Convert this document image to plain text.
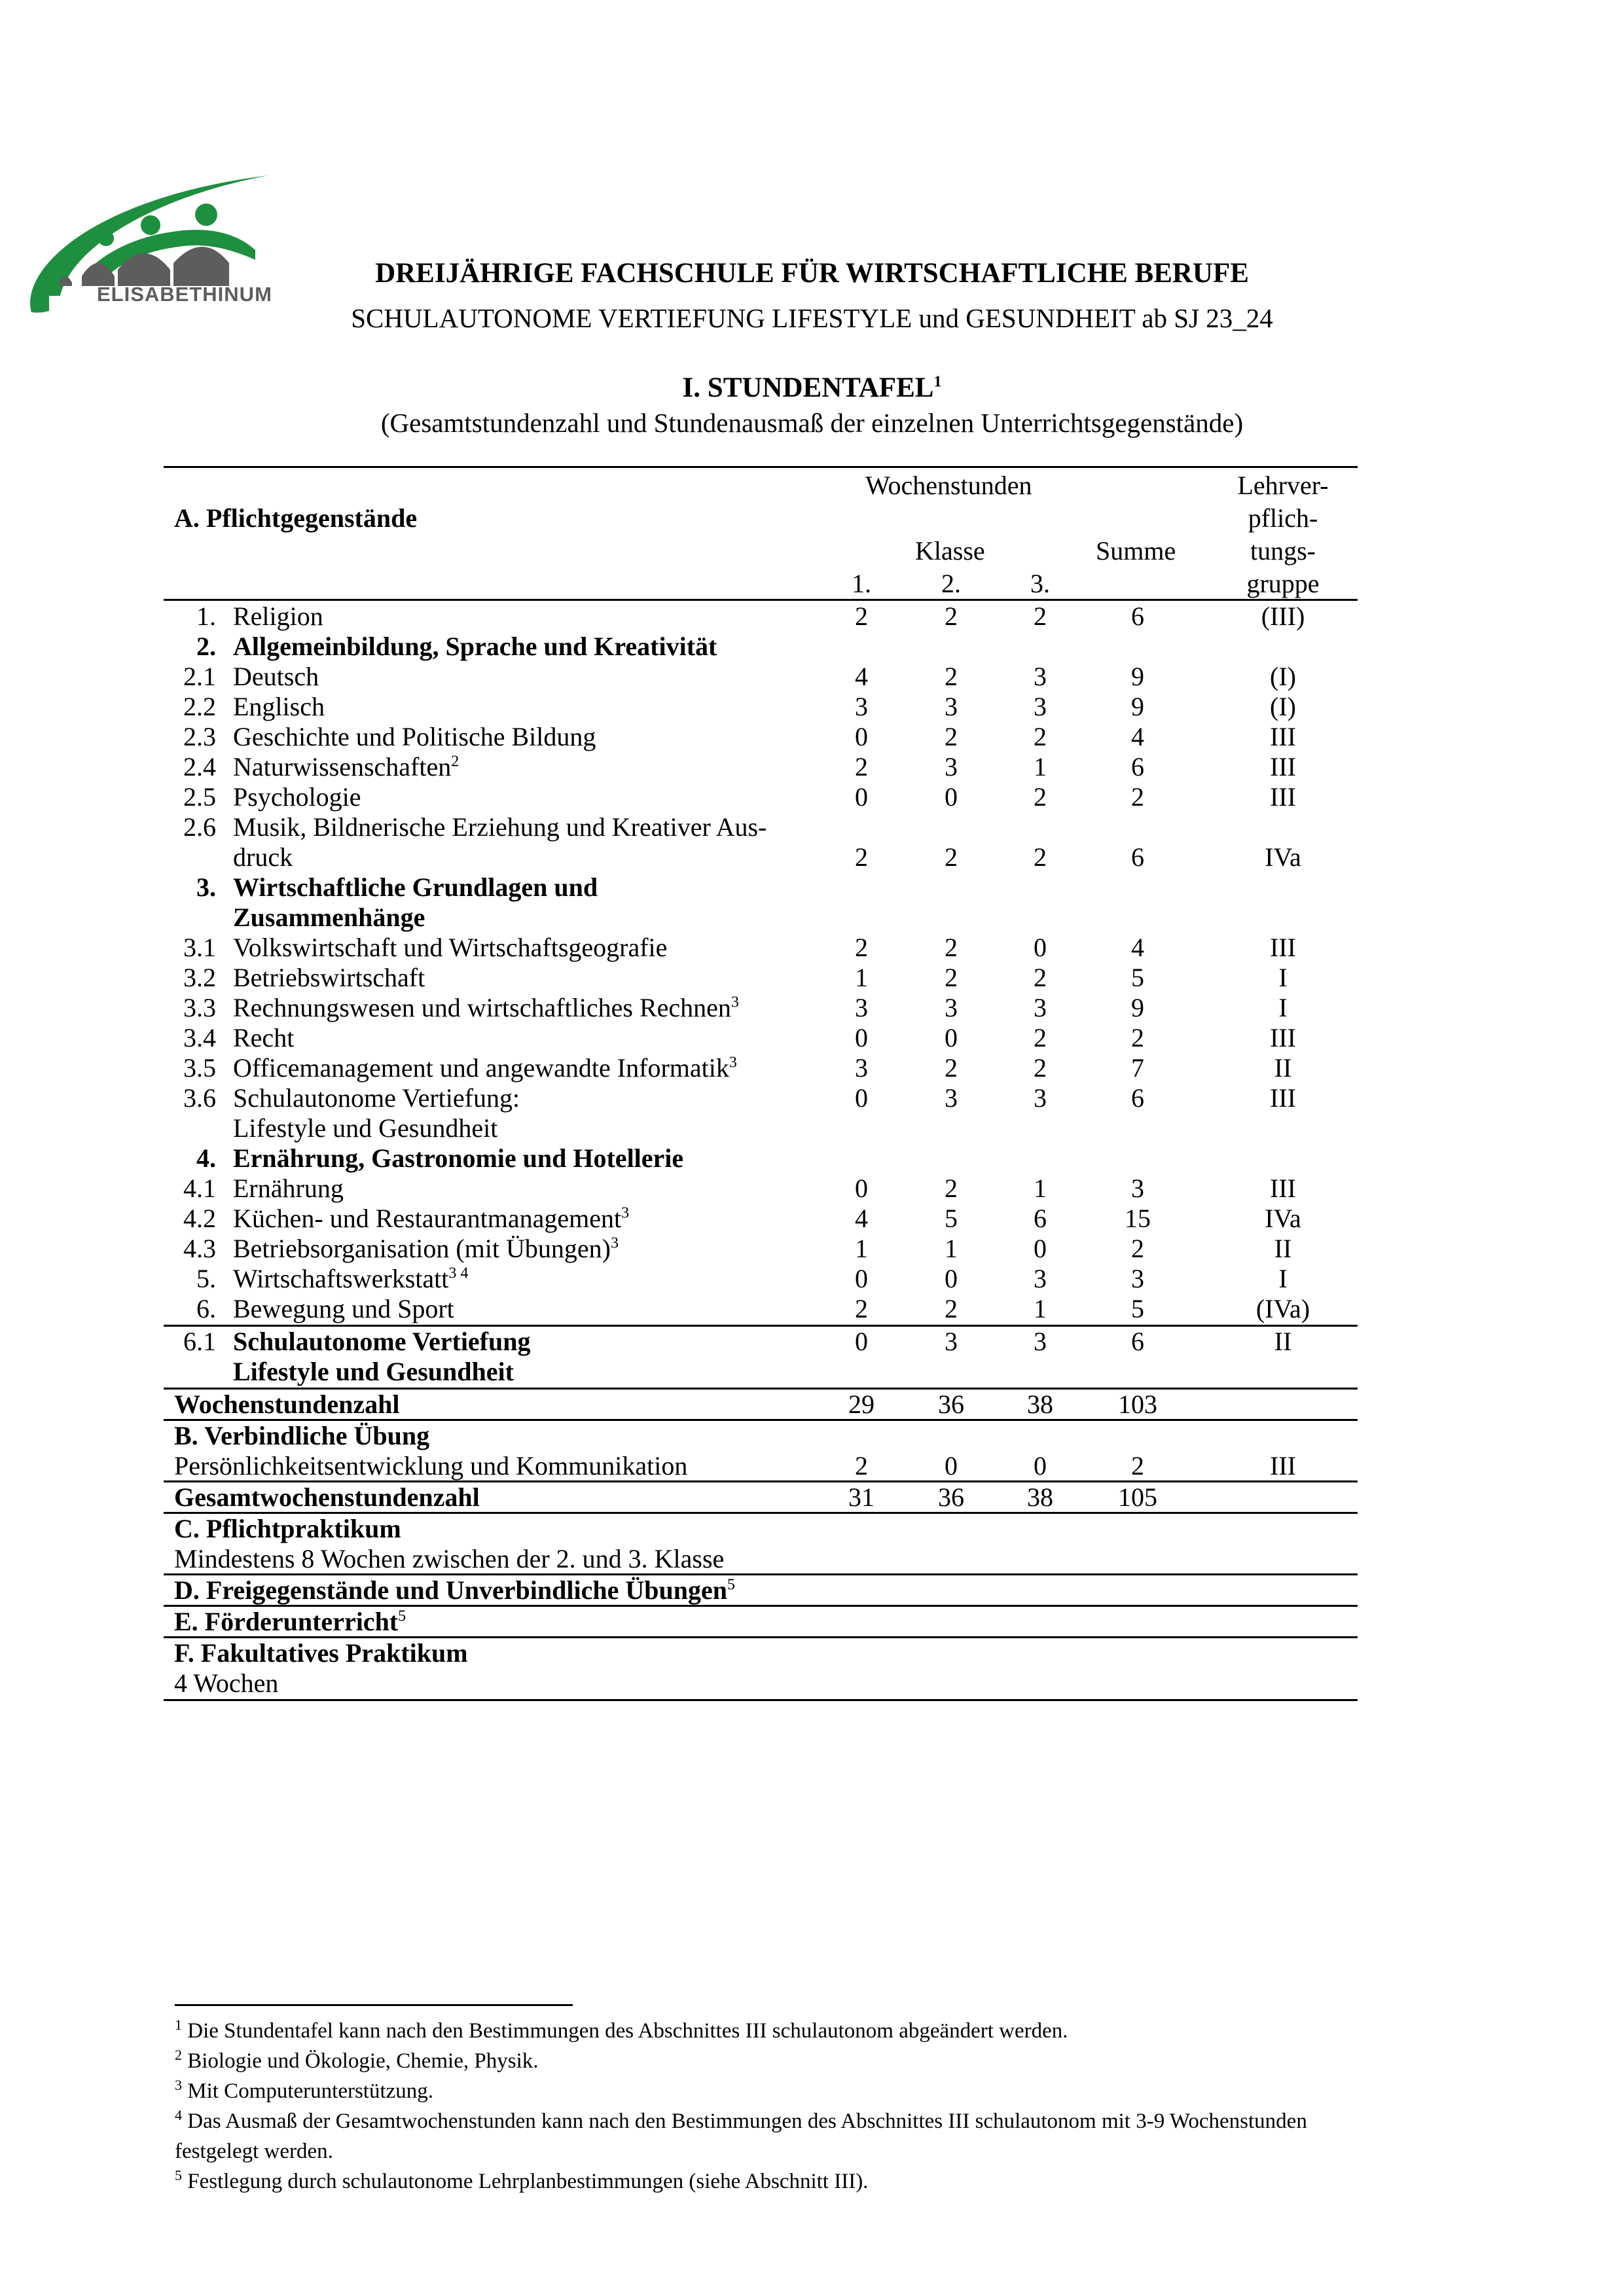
ELISABETHINUM
DREIJÄHRIGE FACHSCHULE FÜR WIRTSCHAFTLICHE BERUFE
SCHULAUTONOME VERTIEFUNG LIFESTYLE und GESUNDHEIT ab SJ 23_24
I. STUNDENTAFEL$^1$
(Gesamtstundenzahl und Stundenausmaß der einzelnen Unterrichtsgegenstände)
Wochenstunden
A. Pflichtgegenstände
Klasse	Summe
1.	2.	3.
Lehrver-
pflich-
tungs-
gruppe
1. Religion	2	2	2	6	(III)
2. Allgemeinbildung, Sprache und Kreativität
2.1 Deutsch	4	2	3	9	(I)
2.2 Englisch	3	3	3	9	(I)
2.3 Geschichte und Politische Bildung	0	2	2	4	III
2.4 Naturwissenschaften$^2$	2	3	1	6	III
2.5 Psychologie	0	0	2	2	III
2.6 Musik, Bildnerische Erziehung und Kreativer Aus-
druck	2	2	2	6	IVa
3. Wirtschaftliche Grundlagen und
Zusammenhänge
3.1 Volkswirtschaft und Wirtschaftsgeografie	2	2	0	4	III
3.2 Betriebswirtschaft	1	2	2	5	I
3.3 Rechnungswesen und wirtschaftliches Rechnen$^3$	3	3	3	9	I
3.4 Recht	0	0	2	2	III
3.5 Officemanagement und angewandte Informatik$^3$	3	2	2	7	II
3.6 Schulautonome Vertiefung:
Lifestyle und Gesundheit
0	3	3	6	III
4. Ernährung, Gastronomie und Hotellerie
4.1 Ernährung	0	2	1	3	III
4.2 Küchen- und Restaurantmanagement$^3$	4	5	6	15	IVa
4.3 Betriebsorganisation (mit Übungen)$^3$	1	1	0	2	II
5. Wirtschaftswerkstatt$^{3 4}$	0	0	3	3	I
6. Bewegung und Sport	2	2	1	5	(IVa)
6.1 Schulautonome Vertiefung
Lifestyle und Gesundheit
0	3	3	6	II
Wochenstundenzahl	29 36 38 103
B. Verbindliche Übung
Persönlichkeitsentwicklung und Kommunikation	2	0	0	2	III
Gesamtwochenstundenzahl	31 36 38 105
C. Pflichtpraktikum
Mindestens 8 Wochen zwischen der 2. und 3. Klasse
D. Freigegenstände und Unverbindliche Übungen$^5$
E. Förderunterricht$^5$
F. Fakultatives Praktikum
4 Wochen
$^1$ Die Stundentafel kann nach den Bestimmungen des Abschnittes III schulautonom abgeändert werden.
$^2$ Biologie und Ökologie, Chemie, Physik.
$^3$ Mit Computerunterstützung.
$^4$ Das Ausmaß der Gesamtwochenstunden kann nach den Bestimmungen des Abschnittes III schulautonom mit 3-9 Wochenstunden
festgelegt werden.
$^5$ Festlegung durch schulautonome Lehrplanbestimmungen (siehe Abschnitt III).
